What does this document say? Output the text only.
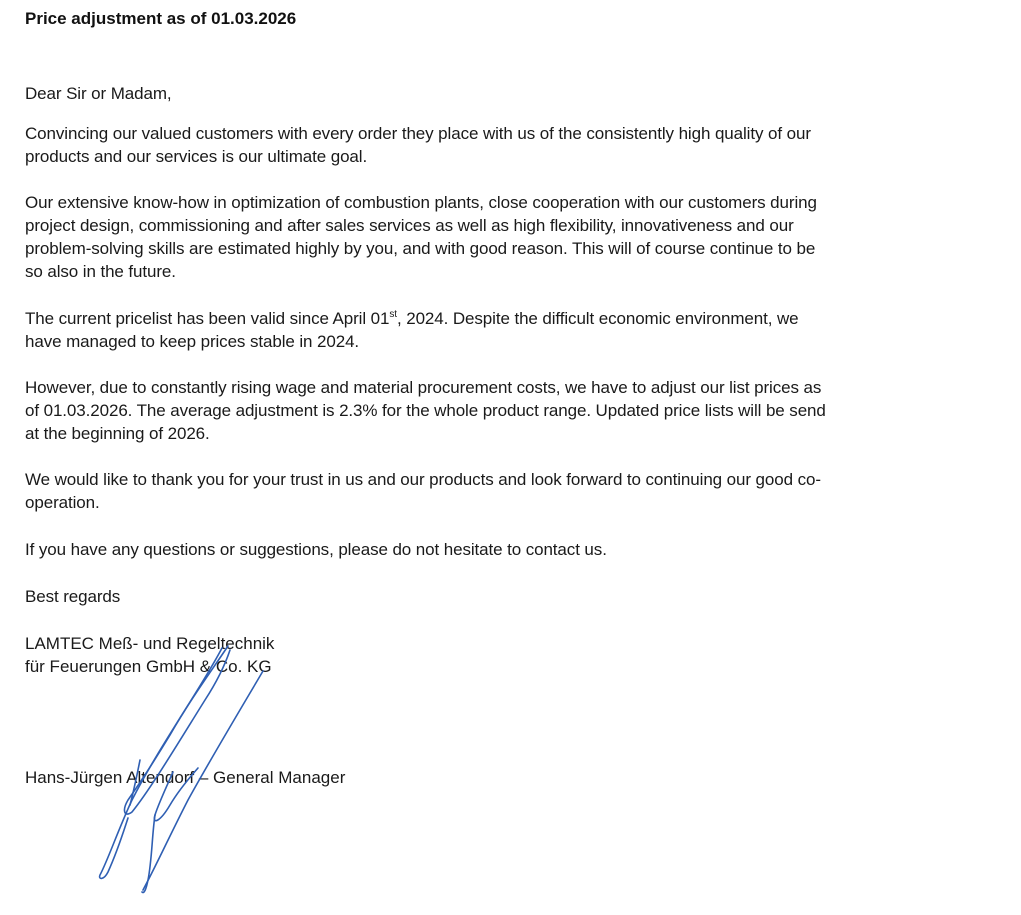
Price adjustment as of 01.03.2026
Dear Sir or Madam,
Convincing our valued customers with every order they place with us of the consistently high quality of our
products and our services is our ultimate goal.
Our extensive know-how in optimization of combustion plants, close cooperation with our customers during
project design, commissioning and after sales services as well as high flexibility, innovativeness and our
problem-solving skills are estimated highly by you, and with good reason. This will of course continue to be
so also in the future.
The current pricelist has been valid since April 01st, 2024. Despite the difficult economic environment, we
have managed to keep prices stable in 2024.
However, due to constantly rising wage and material procurement costs, we have to adjust our list prices as
of 01.03.2026. The average adjustment is 2.3% for the whole product range. Updated price lists will be send
at the beginning of 2026.
We would like to thank you for your trust in us and our products and look forward to continuing our good co-
operation.
If you have any questions or suggestions, please do not hesitate to contact us.
Best regards
LAMTEC Meß- und Regeltechnik
für Feuerungen GmbH & Co. KG
Hans-Jürgen Altendorf – General Manager
